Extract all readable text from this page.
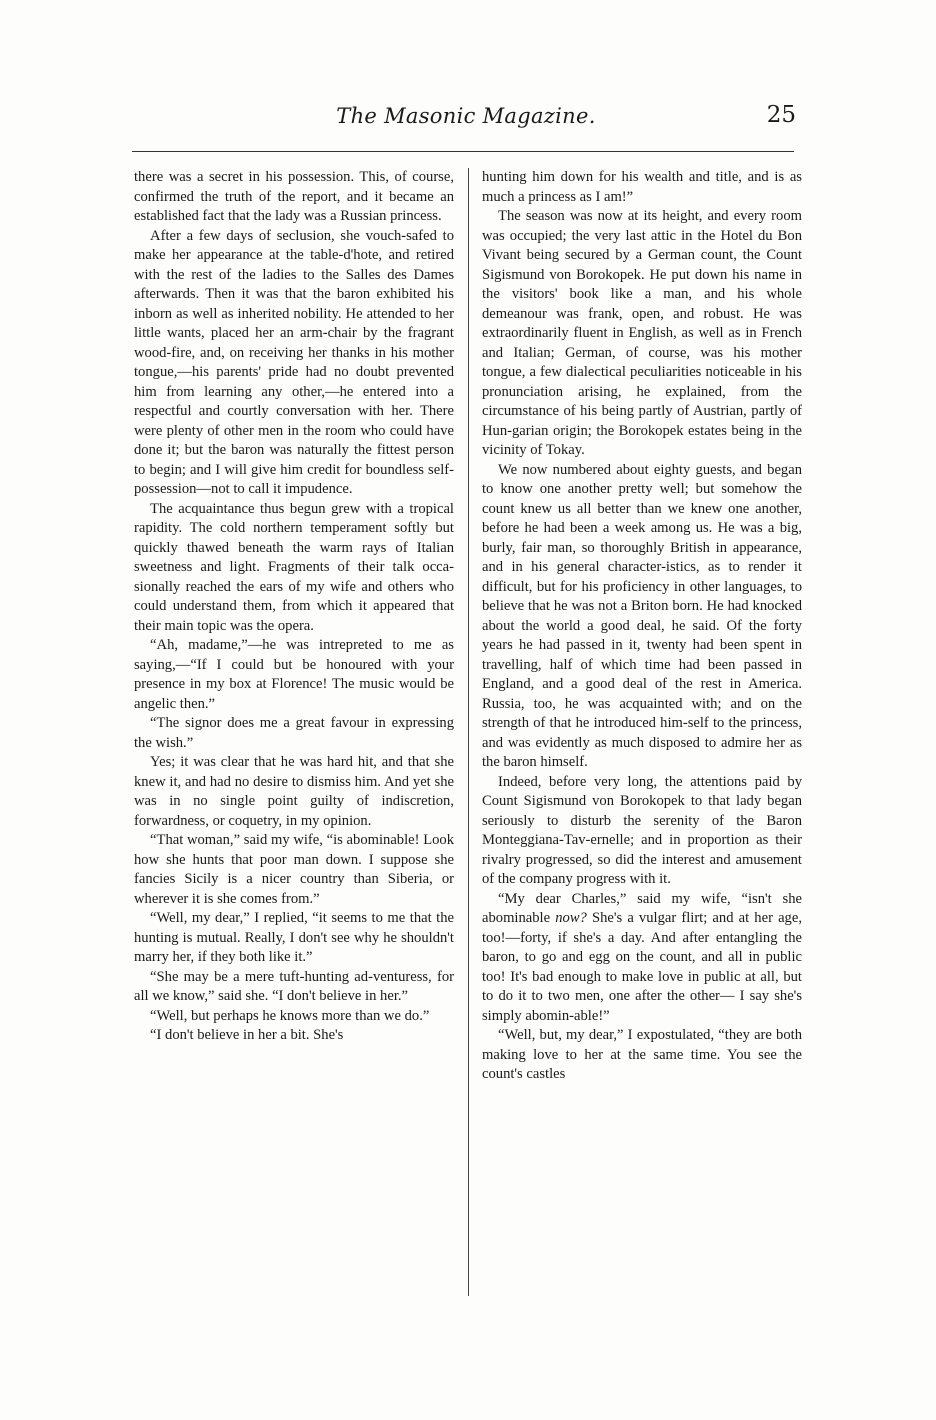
The Masonic Magazine.	25

there was a secret in his possession. This, of course, confirmed the truth of the report, and it became an established fact that the lady was a Russian princess.

After a few days of seclusion, she vouch-safed to make her appearance at the table-d'hote, and retired with the rest of the ladies to the Salles des Dames afterwards. Then it was that the baron exhibited his inborn as well as inherited nobility. He attended to her little wants, placed her an arm-chair by the fragrant wood-fire, and, on receiving her thanks in his mother tongue,—his parents' pride had no doubt prevented him from learning any other,—he entered into a respectful and courtly conversation with her. There were plenty of other men in the room who could have done it; but the baron was naturally the fittest person to begin; and I will give him credit for boundless self-possession—not to call it impudence.

The acquaintance thus begun grew with a tropical rapidity. The cold northern temperament softly but quickly thawed beneath the warm rays of Italian sweetness and light. Fragments of their talk occa-sionally reached the ears of my wife and others who could understand them, from which it appeared that their main topic was the opera.

“Ah, madame,”—he was intrepreted to me as saying,—“If I could but be honoured with your presence in my box at Florence! The music would be angelic then.”

“The signor does me a great favour in expressing the wish.”

Yes; it was clear that he was hard hit, and that she knew it, and had no desire to dismiss him. And yet she was in no single point guilty of indiscretion, forwardness, or coquetry, in my opinion.

“That woman,” said my wife, “is abominable! Look how she hunts that poor man down. I suppose she fancies Sicily is a nicer country than Siberia, or wherever it is she comes from.”

“Well, my dear,” I replied, “it seems to me that the hunting is mutual. Really, I don't see why he shouldn't marry her, if they both like it.”

“She may be a mere tuft-hunting ad-venturess, for all we know,” said she. “I don't believe in her.”

“Well, but perhaps he knows more than we do.”

“I don't believe in her a bit. She's

hunting him down for his wealth and title, and is as much a princess as I am!”

The season was now at its height, and every room was occupied; the very last attic in the Hotel du Bon Vivant being secured by a German count, the Count Sigismund von Borokopek. He put down his name in the visitors' book like a man, and his whole demeanour was frank, open, and robust. He was extraordinarily fluent in English, as well as in French and Italian; German, of course, was his mother tongue, a few dialectical peculiarities noticeable in his pronunciation arising, he explained, from the circumstance of his being partly of Austrian, partly of Hun-garian origin; the Borokopek estates being in the vicinity of Tokay.

We now numbered about eighty guests, and began to know one another pretty well; but somehow the count knew us all better than we knew one another, before he had been a week among us. He was a big, burly, fair man, so thoroughly British in appearance, and in his general character-istics, as to render it difficult, but for his proficiency in other languages, to believe that he was not a Briton born. He had knocked about the world a good deal, he said. Of the forty years he had passed in it, twenty had been spent in travelling, half of which time had been passed in England, and a good deal of the rest in America. Russia, too, he was acquainted with; and on the strength of that he introduced him-self to the princess, and was evidently as much disposed to admire her as the baron himself.

Indeed, before very long, the attentions paid by Count Sigismund von Borokopek to that lady began seriously to disturb the serenity of the Baron Monteggiana-Tav-ernelle; and in proportion as their rivalry progressed, so did the interest and amusement of the company progress with it.

“My dear Charles,” said my wife, “isn't she abominable now? She's a vulgar flirt; and at her age, too!—forty, if she's a day. And after entangling the baron, to go and egg on the count, and all in public too! It's bad enough to make love in public at all, but to do it to two men, one after the other— I say she's simply abomin-able!”

“Well, but, my dear,” I expostulated, “they are both making love to her at the same time. You see the count's castles
